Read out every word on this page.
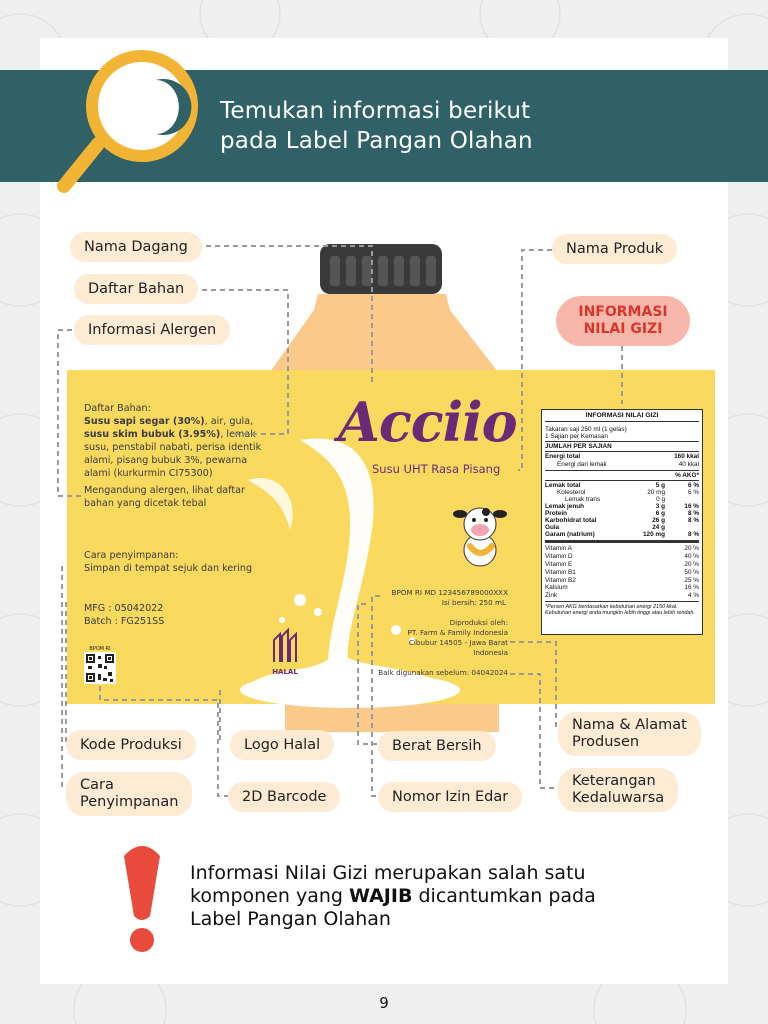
Temukan informasi berikut
pada Label Pangan Olahan
Acciio
Susu UHT Rasa Pisang
Daftar Bahan:
Susu sapi segar (30%), air, gula,
susu skim bubuk (3.95%), lemak
susu, penstabil nabati, perisa identik
alami, pisang bubuk 3%, pewarna
alami (kurkurmin CI75300)
Mengandung alergen, lihat daftar
bahan yang dicetak tebal
Cara penyimpanan:
Simpan di tempat sejuk dan kering
MFG : 05042022
Batch : FG251SS
BPOM RI
HALAL
BPOM RI MD 123456789000XXX
Isi bersih: 250 mL
Diproduksi oleh:
PT. Farm & Family Indonesia
Cibubur 14505 - Jawa Barat
Indonesia
Baik digunakan sebelum: 04042024
INFORMASI NILAI GIZI
Takaran saji 250 ml (1 gelas)
1 Sajian per Kemasan
JUMLAH PER SAJIAN
Energi total	160 kkal
Energi dari lemak	40 kkal
% AKG*
Lemak total	5 g	6 %
Kolesterol	20 mg	6 %
Lemak trans	0 g
Lemak jenuh	3 g	16 %
Protein	6 g	8 %
Karbohidrat total	26 g	8 %
Gula	24 g
Garam (natrium)	120 mg	8 %
Vitamin A	20 %
Vitamin D	40 %
Vitamin E	20 %
Vitamin B1	50 %
Vitamin B2	25 %
Kalsium	16 %
Zink	4 %
*Persen AKG berdasarkan kebutuhan energi 2150 kkal. Kebutuhan energi anda mungkin lebih tinggi atau lebih rendah.
INFORMASI
NILAI GIZI
Nama Dagang
Daftar Bahan
Informasi Alergen
Nama Produk
Kode Produksi	Logo Halal	Berat Bersih
Nama & Alamat
Produsen
Cara
Penyimpanan	2D Barcode	Nomor Izin Edar
Keterangan
Kedaluwarsa
Informasi Nilai Gizi merupakan salah satu
komponen yang WAJIB dicantumkan pada
Label Pangan Olahan
9
